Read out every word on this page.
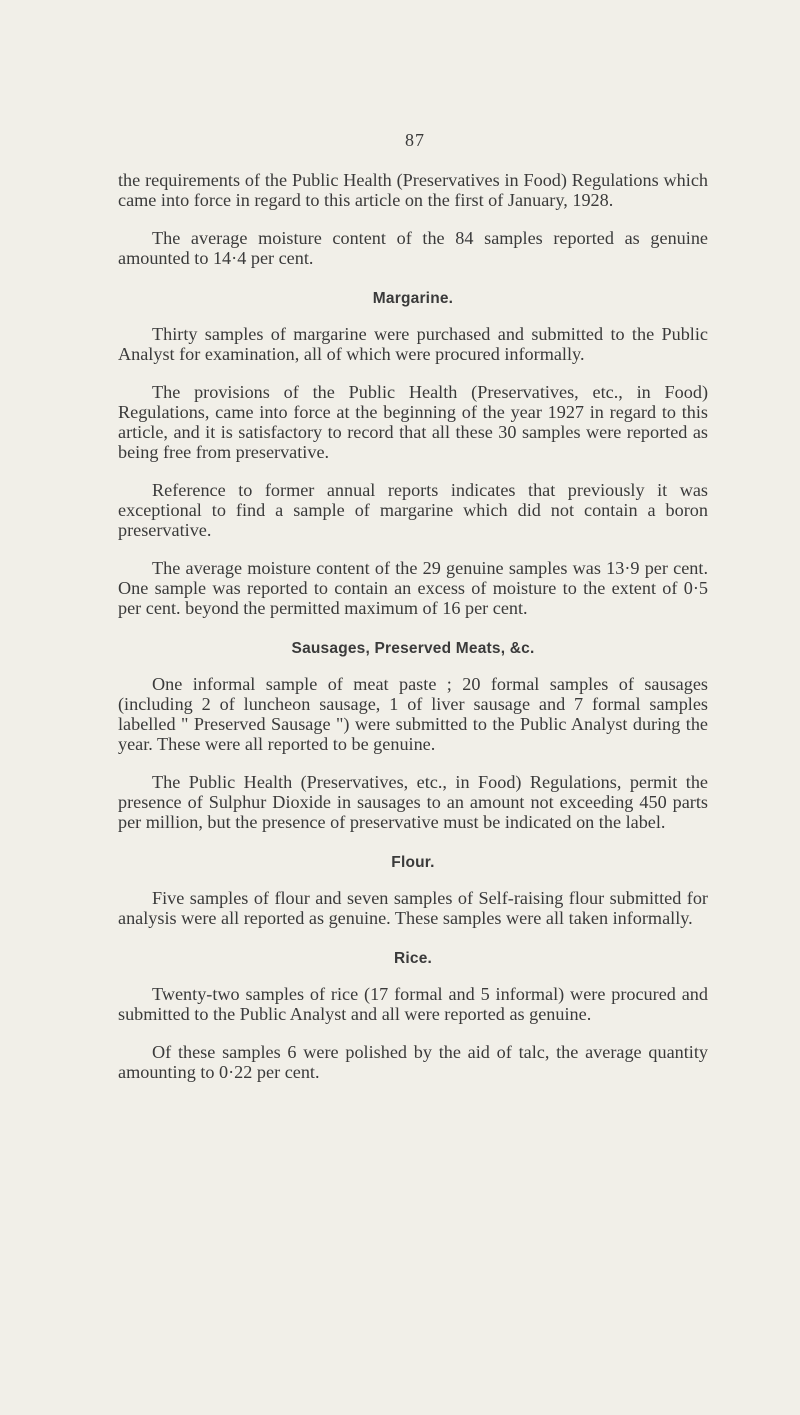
87

the requirements of the Public Health (Preservatives in Food) Regulations which came into force in regard to this article on the first of January, 1928.

The average moisture content of the 84 samples reported as genuine amounted to 14·4 per cent.

Margarine.

Thirty samples of margarine were purchased and submitted to the Public Analyst for examination, all of which were procured informally.

The provisions of the Public Health (Preservatives, etc., in Food) Regulations, came into force at the beginning of the year 1927 in regard to this article, and it is satisfactory to record that all these 30 samples were reported as being free from preservative.

Reference to former annual reports indicates that previously it was exceptional to find a sample of margarine which did not contain a boron preservative.

The average moisture content of the 29 genuine samples was 13·9 per cent. One sample was reported to contain an excess of moisture to the extent of 0·5 per cent. beyond the permitted maximum of 16 per cent.

Sausages, Preserved Meats, &c.

One informal sample of meat paste ; 20 formal samples of sausages (including 2 of luncheon sausage, 1 of liver sausage and 7 formal samples labelled " Preserved Sausage ") were submitted to the Public Analyst during the year. These were all reported to be genuine.

The Public Health (Preservatives, etc., in Food) Regulations, permit the presence of Sulphur Dioxide in sausages to an amount not exceeding 450 parts per million, but the presence of preservative must be indicated on the label.

Flour.

Five samples of flour and seven samples of Self-raising flour submitted for analysis were all reported as genuine. These samples were all taken informally.

Rice.

Twenty-two samples of rice (17 formal and 5 informal) were procured and submitted to the Public Analyst and all were reported as genuine.

Of these samples 6 were polished by the aid of talc, the average quantity amounting to 0·22 per cent.
